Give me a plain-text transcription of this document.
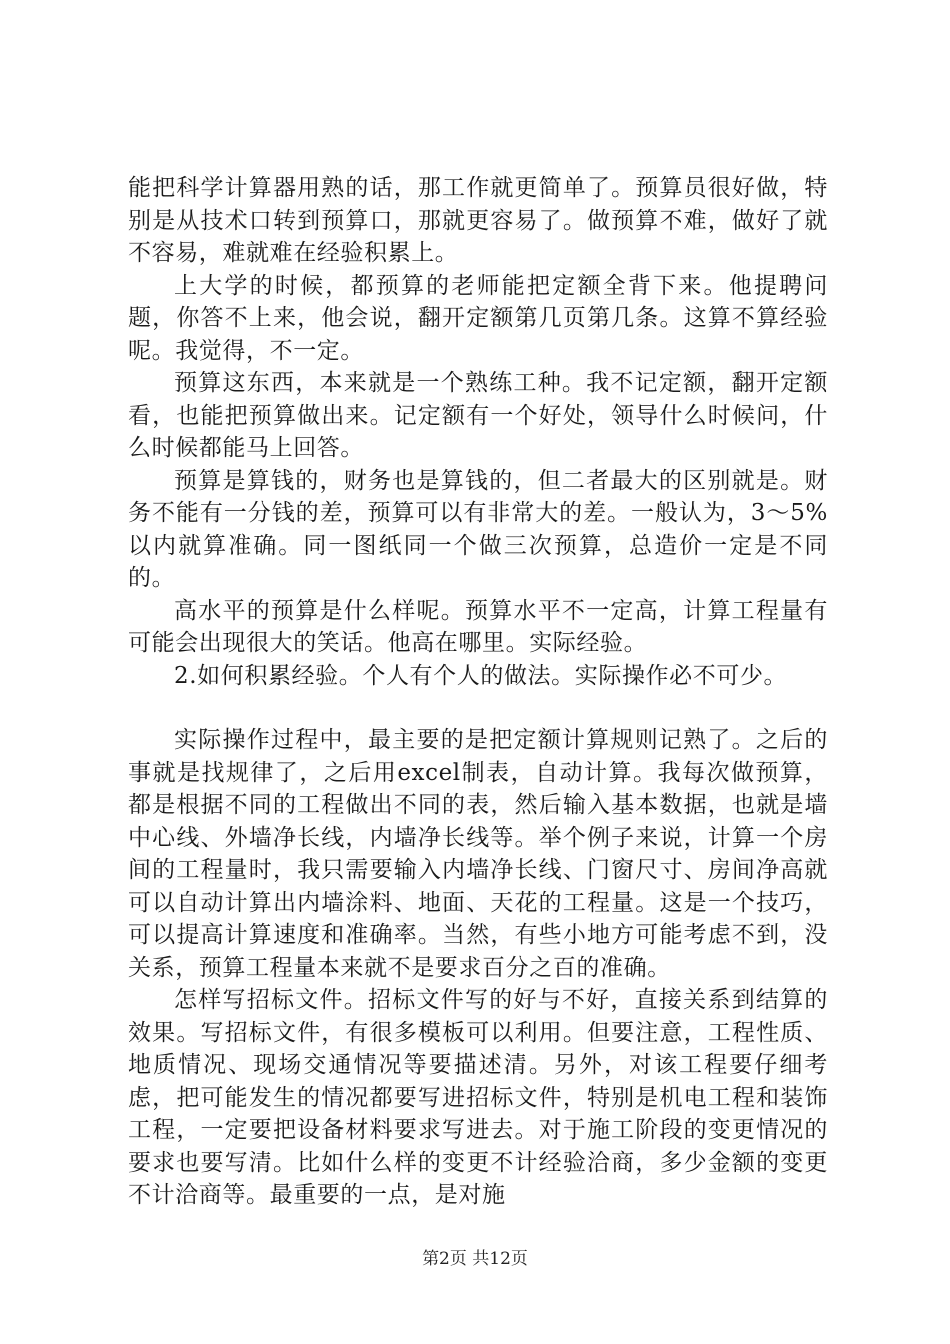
能把科学计算器用熟的话，那工作就更简单了。预算员很好做，特别是从技术口转到预算口，那就更容易了。做预算不难，做好了就不容易，难就难在经验积累上。

上大学的时候，都预算的老师能把定额全背下来。他提聘问题，你答不上来，他会说，翻开定额第几页第几条。这算不算经验呢。我觉得，不一定。

预算这东西，本来就是一个熟练工种。我不记定额，翻开定额看，也能把预算做出来。记定额有一个好处，领导什么时候问，什么时候都能马上回答。

预算是算钱的，财务也是算钱的，但二者最大的区别就是。财务不能有一分钱的差，预算可以有非常大的差。一般认为，3～5%以内就算准确。同一图纸同一个做三次预算，总造价一定是不同的。

高水平的预算是什么样呢。预算水平不一定高，计算工程量有可能会出现很大的笑话。他高在哪里。实际经验。

2.如何积累经验。个人有个人的做法。实际操作必不可少。

实际操作过程中，最主要的是把定额计算规则记熟了。之后的事就是找规律了，之后用excel制表，自动计算。我每次做预算，都是根据不同的工程做出不同的表，然后输入基本数据，也就是墙中心线、外墙净长线，内墙净长线等。举个例子来说，计算一个房间的工程量时，我只需要输入内墙净长线、门窗尺寸、房间净高就可以自动计算出内墙涂料、地面、天花的工程量。这是一个技巧，可以提高计算速度和准确率。当然，有些小地方可能考虑不到，没关系，预算工程量本来就不是要求百分之百的准确。

怎样写招标文件。招标文件写的好与不好，直接关系到结算的效果。写招标文件，有很多模板可以利用。但要注意，工程性质、地质情况、现场交通情况等要描述清。另外，对该工程要仔细考虑，把可能发生的情况都要写进招标文件，特别是机电工程和装饰工程，一定要把设备材料要求写进去。对于施工阶段的变更情况的要求也要写清。比如什么样的变更不计经验洽商，多少金额的变更不计洽商等。最重要的一点，是对施

第2页 共12页
